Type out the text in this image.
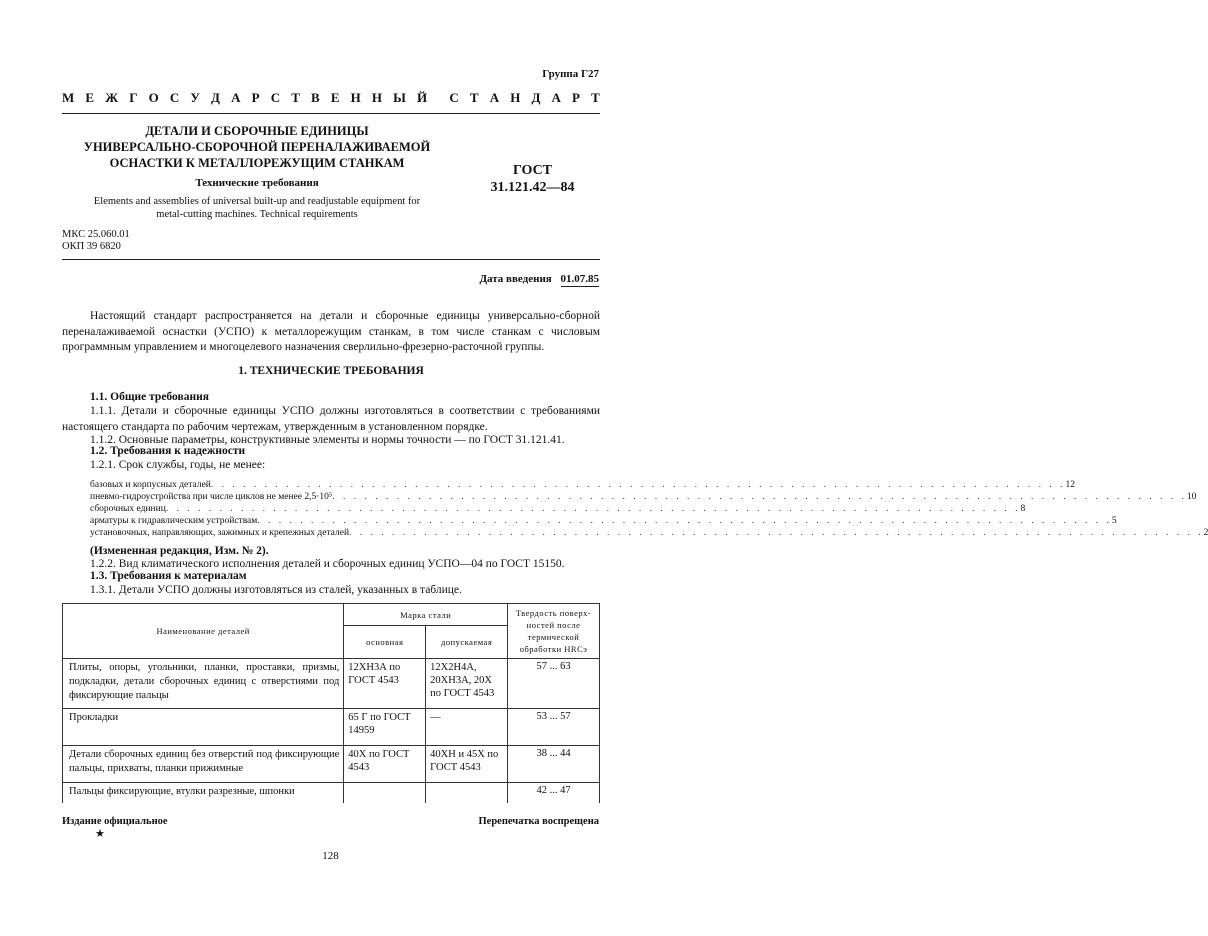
Группа Г27
М Е Ж Г О С У Д А Р С Т В Е Н Н Ы Й С Т А Н Д А Р Т
ДЕТАЛИ И СБОРОЧНЫЕ ЕДИНИЦЫ
УНИВЕРСАЛЬНО-СБОРОЧНОЙ ПЕРЕНАЛАЖИВАЕМОЙ
ОСНАСТКИ К МЕТАЛЛОРЕЖУЩИМ СТАНКАМ
Технические требования
Elements and assemblies of universal built-up and readjustable equipment for
metal-cutting machines. Technical requirements
ГОСТ
31.121.42—84
МКС 25.060.01
ОКП 39 6820
Дата введения 01.07.85

Настоящий стандарт распространяется на детали и сборочные единицы универсально-сборной переналаживаемой оснастки (УСПО) к металлорежущим станкам, в том числе станкам с числовым программным управлением и многоцелевого назначения сверлильно-фрезерно-расточной группы.

1. ТЕХНИЧЕСКИЕ ТРЕБОВАНИЯ
1.1. Общие требования

1.1.1. Детали и сборочные единицы УСПО должны изготовляться в соответствии с требованиями настоящего стандарта по рабочим чертежам, утвержденным в установленном порядке.

1.1.2. Основные параметры, конструктивные элементы и нормы точности — по ГОСТ 31.121.41.

1.2. Требования к надежности

1.2.1. Срок службы, годы, не менее:

базовых и корпусных деталей . . . . . . . . . . . . . . . . . . . . . . . . . . . . . . . . . . . . . . . . . . . . . . . . . . . . . . . . . . . . . . . . . . . . . . . . . . . . . . . . 12
пневмо-гидроустройства при числе циклов не менее 2,5·10⁵ . . . . . . . . . . . . . . . . . . . . . . . . . . . . . . . . . . . . . . . . . . . . . . . . . . . . . . . . . . . . . . . . . . . . . . . . . . . . . . . . 10
сборочных единиц . . . . . . . . . . . . . . . . . . . . . . . . . . . . . . . . . . . . . . . . . . . . . . . . . . . . . . . . . . . . . . . . . . . . . . . . . . . . . . . . 8
арматуры к гидравлическим устройствам . . . . . . . . . . . . . . . . . . . . . . . . . . . . . . . . . . . . . . . . . . . . . . . . . . . . . . . . . . . . . . . . . . . . . . . . . . . . . . . . 5
установочных, направляющих, зажимных и крепежных деталей . . . . . . . . . . . . . . . . . . . . . . . . . . . . . . . . . . . . . . . . . . . . . . . . . . . . . . . . . . . . . . . . . . . . . . . . . . . . . . . . 2
(Измененная редакция, Изм. № 2).

1.2.2. Вид климатического исполнения деталей и сборочных единиц УСПО—04 по ГОСТ 15150.

1.3. Требования к материалам

1.3.1. Детали УСПО должны изготовляться из сталей, указанных в таблице.

Наименование деталей	Марка стали		Твердость поверх-ностей после термической обработки HRCэ
	основная	допускаемая	
Плиты, опоры, угольники, планки, проставки, призмы, подкладки, детали сборочных единиц с отверстиями под фиксирующие пальцы	12ХН3А по ГОСТ 4543	12Х2Н4А, 20ХН3А, 20Х по ГОСТ 4543	57 ... 63
Прокладки	65 Г по ГОСТ 14959	—	53 ... 57
Детали сборочных единиц без отверстий под фиксирующие пальцы, прихваты, планки прижимные	40Х по ГОСТ 4543	40ХН и 45Х по ГОСТ 4543	38 ... 44
Пальцы фиксирующие, втулки разрезные, шпонки			42 ... 47
Издание официальное
★
Перепечатка воспрещена
128
